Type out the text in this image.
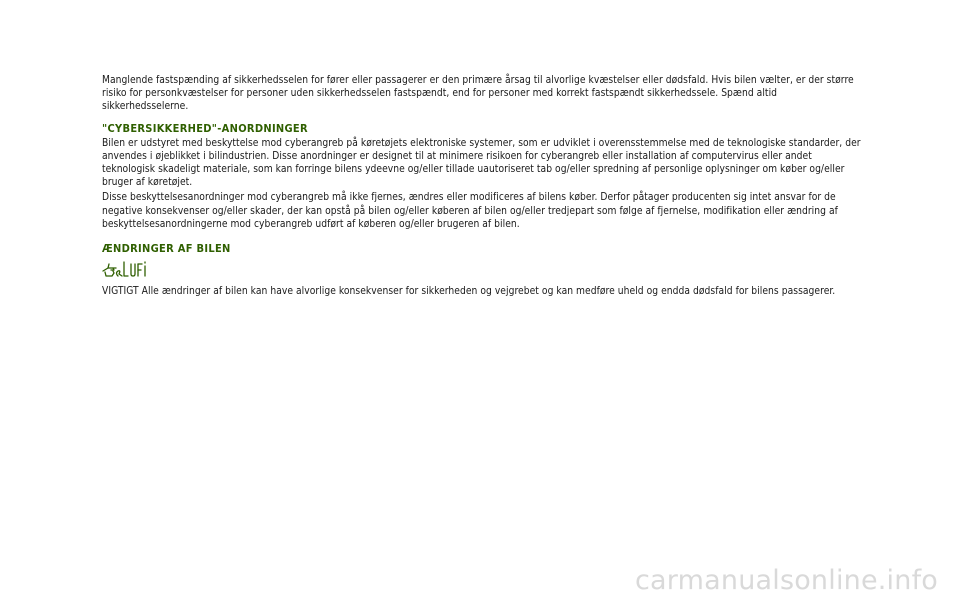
Manglende fastspænding af sikkerhedsselen for fører eller passagerer er den primære årsag til alvorlige kvæstelser eller dødsfald. Hvis bilen vælter, er der større risiko for personkvæstelser for personer uden sikkerhedsselen fastspændt, end for personer med korrekt fastspændt sikkerhedssele. Spænd altid sikkerhedsselerne.

"CYBERSIKKERHED"-ANORDNINGER

Bilen er udstyret med beskyttelse mod cyberangreb på køretøjets elektroniske systemer, som er udviklet i overensstemmelse med de teknologiske standarder, der anvendes i øjeblikket i bilindustrien. Disse anordninger er designet til at minimere risikoen for cyberangreb eller installation af computervirus eller andet teknologisk skadeligt materiale, som kan forringe bilens ydeevne og/eller tillade uautoriseret tab og/eller spredning af personlige oplysninger om køber og/eller bruger af køretøjet.

Disse beskyttelsesanordninger mod cyberangreb må ikke fjernes, ændres eller modificeres af bilens køber. Derfor påtager producenten sig intet ansvar for de negative konsekvenser og/eller skader, der kan opstå på bilen og/eller køberen af bilen og/eller tredjepart som følge af fjernelse, modifikation eller ændring af beskyttelsesanordningerne mod cyberangreb udført af køberen og/eller brugeren af bilen.

ÆNDRINGER AF BILEN

VIGTIGT Alle ændringer af bilen kan have alvorlige konsekvenser for sikkerheden og vejgrebet og kan medføre uheld og endda dødsfald for bilens passagerer.

carmanualsonline.info
